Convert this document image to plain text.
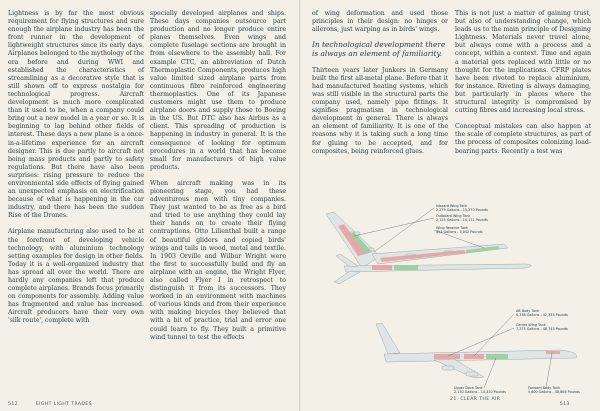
Lightness is by far the most obvious requirement for flying structures and sure enough the airplane industry has been the front runner in the development of lightweight structures since its early days. Airplanes belonged to the mythology of the era before and during WWI and established the characteristics of streamlining as a decorative style that is still shown off to express nostalgia for technological progress. Aircraft development is much more complicated than it used to be, when a company could bring out a new model in a year or so. It is beginning to lag behind other fields of interest. These days a new plane is a once-in-a-lifetime experience for an aircraft designer. This is due partly to aircraft not being mass products and partly to safety regulations. But there have also been surprises: rising pressure to reduce the environmental side effects of flying gained an unexpected emphasis on electrification because of what is happening in the car industry, and there has been the sudden Rise of the Drones.

Airplane manufacturing also used to be at the forefront of developing vehicle technology, with aluminium technology setting examples for design in other fields. Today it is a well-organized industry that has spread all over the world. There are hardly any companies left that produce complete airplanes. Brands focus primarily on components for assembly. Adding value has fragmented and value has increased. Aircraft producers have their very own 'silk route', complete with

specially developed airplanes and ships. These days companies outsource part production and no longer produce entire planes themselves. Even wings and complete fuselage sections are brought in from elsewhere to the assembly hall. For example CTC, an abbreviation of Dutch Thermoplastic Components, produces high value limited sized airplane parts from continuous fibre reinforced engineering thermoplastics. One of its Japanese customers might use them to produce airplane doors and supply those to Boeing in the US. But DTC also has Airbus as a client. This spreading of production is happening in industry in general. It is the consequence of looking for optimum procedures in a world that has become small for manufacturers of high value products.

When aircraft making was in its pioneering stage, you had these adventurous men with tiny companies. They just wanted to be as free as a bird and tried to use anything they could lay their hands on to create their flying contraptions. Otto Lilienthal built a range of beautiful gliders and copied birds' wings and tails in wood, metal and textile. In 1903 Orville and Wilbur Wright were the first to successfully build and fly an airplane with an engine, the Wright Flyer, also called Flyer I in retrospect to distinguish it from its successors. They worked in an environment with machines of various kinds and from their experience with making bicycles they believed that with a bit of practice, trial and error one could learn to fly. They built a primitive wind tunnel to test the effects

512	EIGHT LIGHT TRADES

of wing deformation and used those principles in their design: no hinges or ailerons, just warping as in birds' wings.

In technological development there is always an element of familiarity.

Thirteen years later Junkers in Germany built the first all-metal plane. Before that it had manufactured heating systems, which was still visible in the structural parts the company used, namely pipe fittings. It signifies pragmatism in technological development in general. There is always an element of familiarity. It is one of the reasons why it is taking such a long time for gluing to be accepted, and for composites, being reinforced glues.

This is not just a matter of gaining trust, but also of understanding change, which leads us to the main principle of Designing Lightness. Materials never travel alone, but always come with a process and a concept, within a context. Time and again a material gets replaced with little or no thought for the implications. CFRP plates have been riveted to replace aluminium, for instance. Riveting is always damaging, but particularly in places where the structural integrity is compromised by cutting fibres and increasing local stress.

Conceptual mistakes can also happen at the scale of complete structures, as part of the process of composites colonizing load-bearing parts. Recently a test was

Inboard Wing Tank
2,279 Gallons - 15,270 Pounds
Outboard Wing Tank
2,115 Gallons - 14,171 Pounds
Wing Reserve Tank
454 Gallons - 3,042 Pounds
Aft Body Tank
6,338 Gallons - 42,335 Pounds
Centre Wing Tank
7,275 Gallons - 48,743 Pounds
Upper Deck Tank
2,130 Gallons - 14,310 Pounds
Forward Body Tank
5,800 Gallons - 38,865 Pounds
21. CLEAR THE AIR  513
